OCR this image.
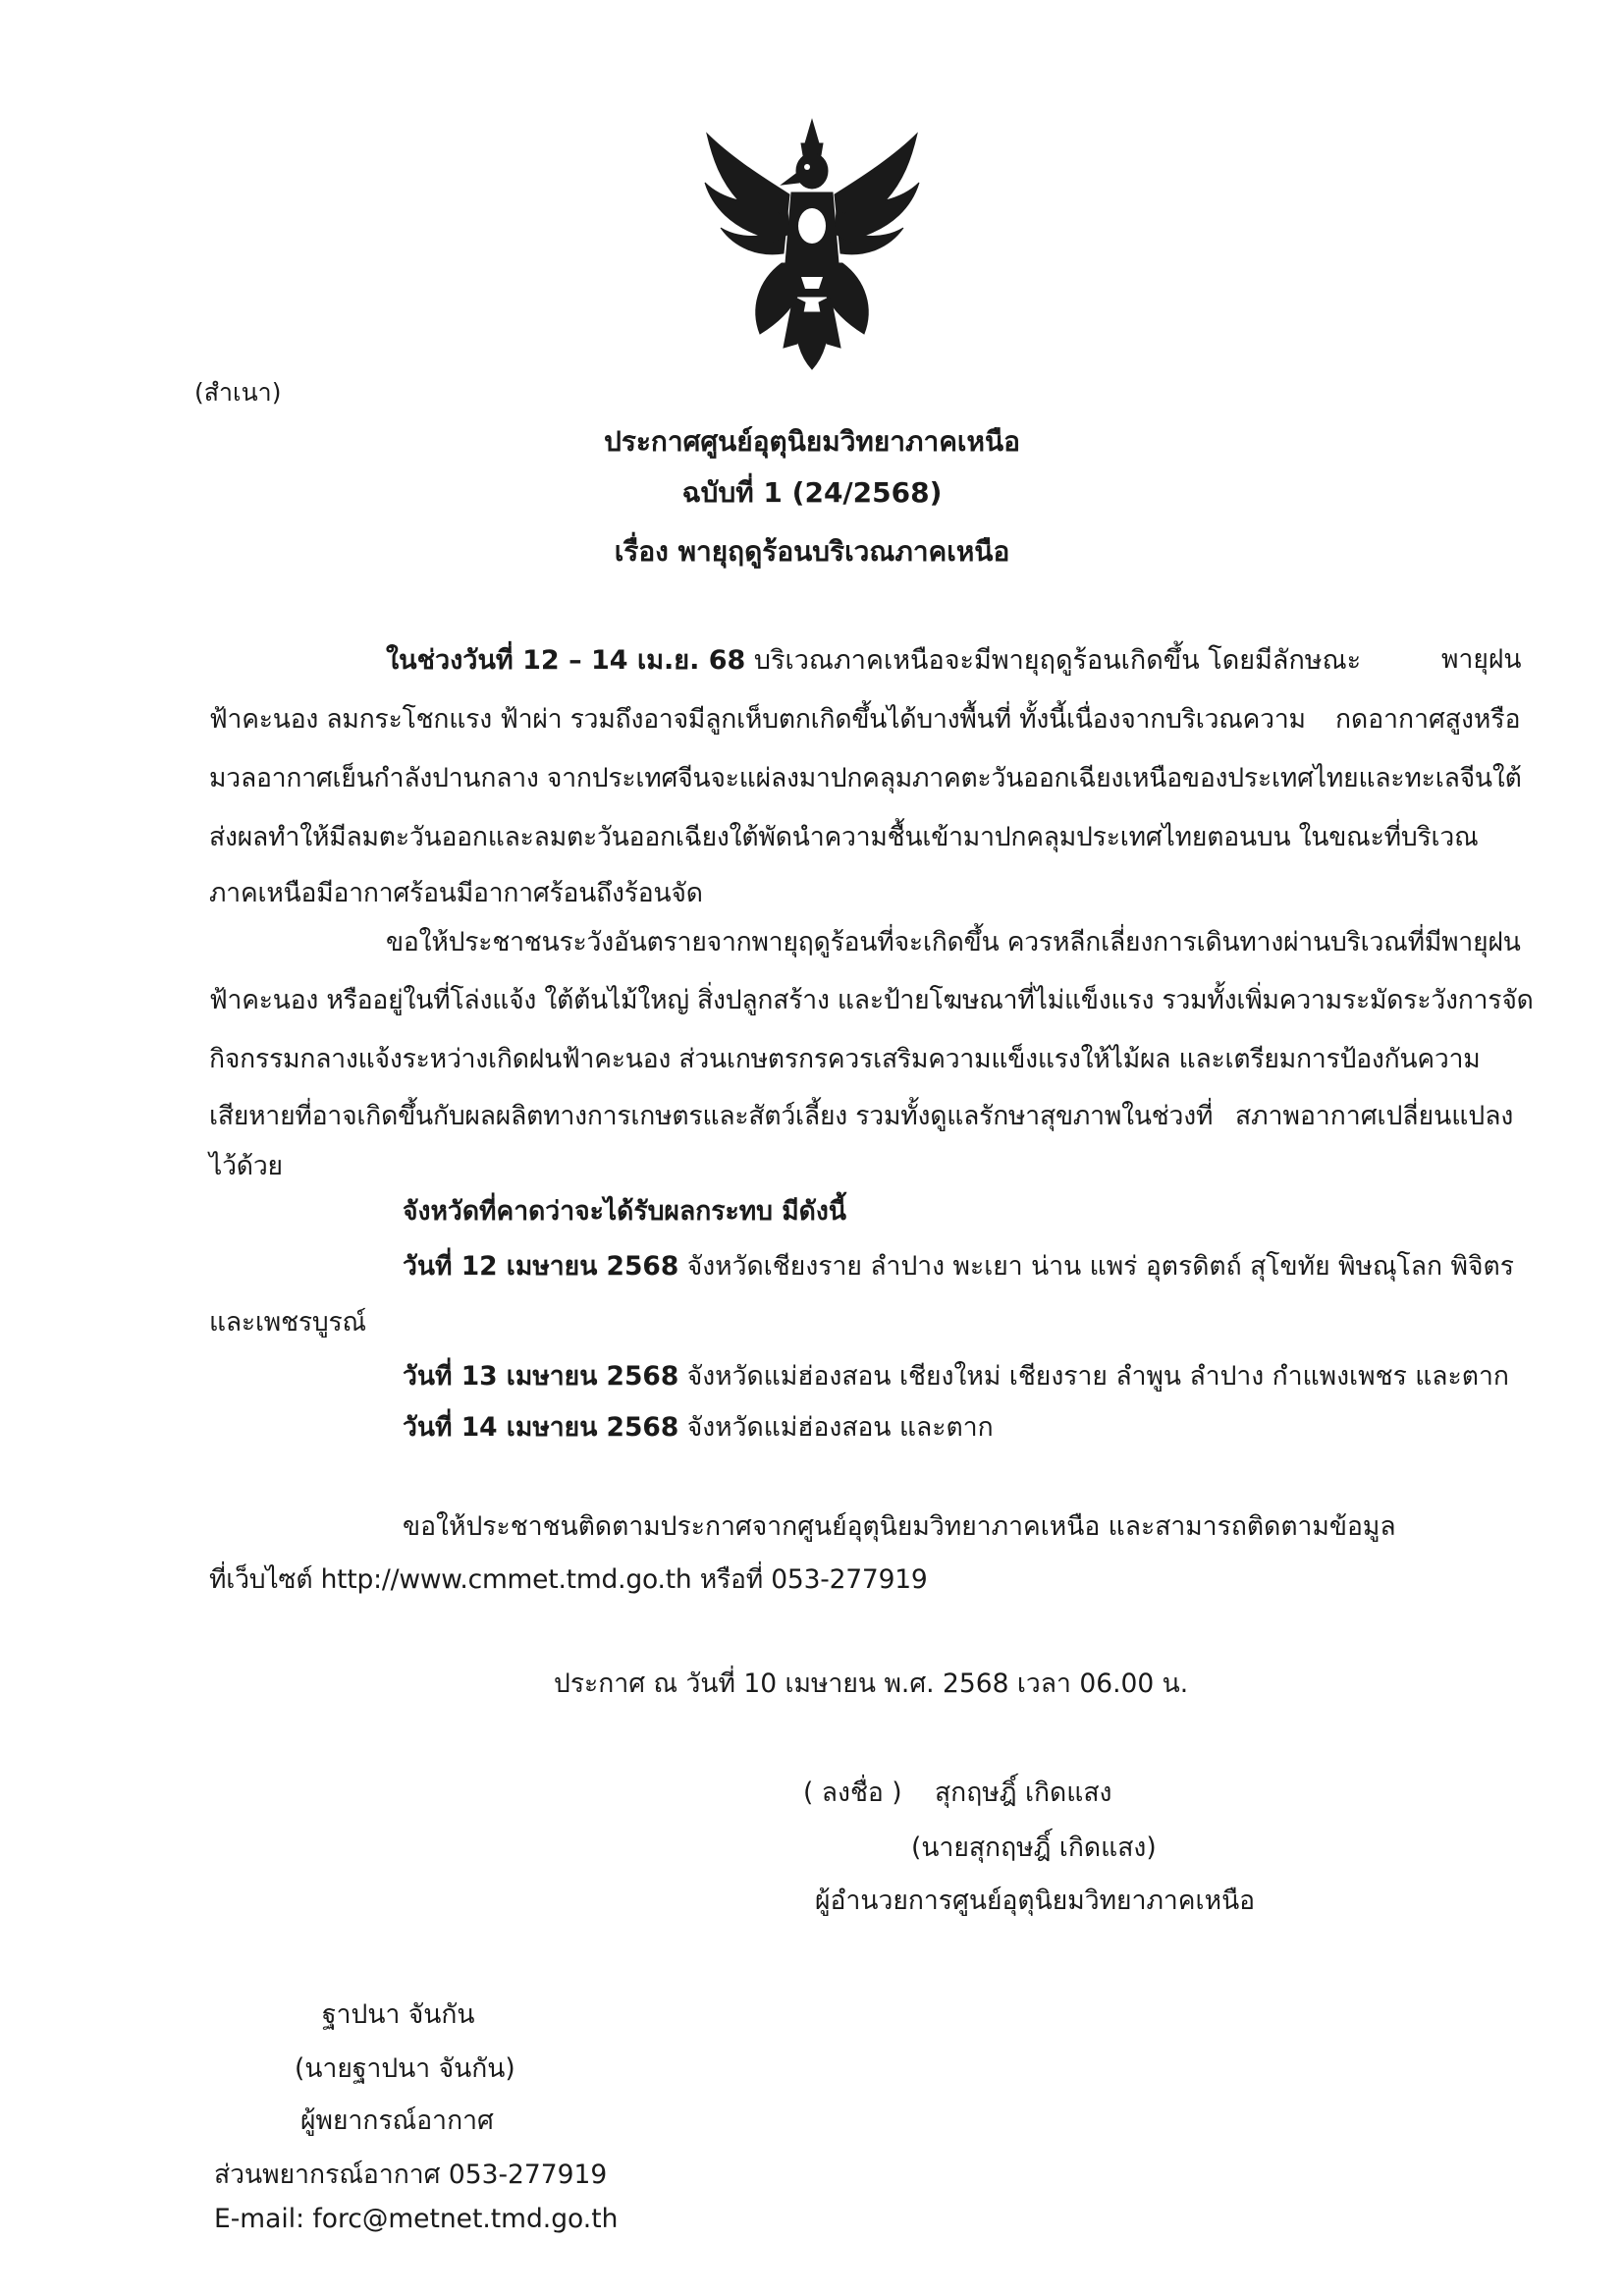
(สำเนา)
ประกาศศูนย์อุตุนิยมวิทยาภาคเหนือ
ฉบับที่ 1 (24/2568)
เรื่อง พายุฤดูร้อนบริเวณภาคเหนือ
ในช่วงวันที่ 12 – 14 เม.ย. 68 บริเวณภาคเหนือจะมีพายุฤดูร้อนเกิดขึ้น โดยมีลักษณะ	พายุฝน
ฟ้าคะนอง ลมกระโชกแรง ฟ้าผ่า รวมถึงอาจมีลูกเห็บตกเกิดขึ้นได้บางพื้นที่ ทั้งนี้เนื่องจากบริเวณความ กดอากาศสูงหรือ
มวลอากาศเย็นกำลังปานกลาง จากประเทศจีนจะแผ่ลงมาปกคลุมภาคตะวันออกเฉียงเหนือของประเทศไทยและทะเลจีนใต้
ส่งผลทำให้มีลมตะวันออกและลมตะวันออกเฉียงใต้พัดนำความชื้นเข้ามาปกคลุมประเทศไทยตอนบน ในขณะที่บริเวณ
ภาคเหนือมีอากาศร้อนมีอากาศร้อนถึงร้อนจัด
ขอให้ประชาชนระวังอันตรายจากพายุฤดูร้อนที่จะเกิดขึ้น ควรหลีกเลี่ยงการเดินทางผ่านบริเวณที่มีพายุฝน
ฟ้าคะนอง หรืออยู่ในที่โล่งแจ้ง ใต้ต้นไม้ใหญ่ สิ่งปลูกสร้าง และป้ายโฆษณาที่ไม่แข็งแรง รวมทั้งเพิ่มความระมัดระวังการจัด
กิจกรรมกลางแจ้งระหว่างเกิดฝนฟ้าคะนอง ส่วนเกษตรกรควรเสริมความแข็งแรงให้ไม้ผล และเตรียมการป้องกันความ
เสียหายที่อาจเกิดขึ้นกับผลผลิตทางการเกษตรและสัตว์เลี้ยง รวมทั้งดูแลรักษาสุขภาพในช่วงที่ สภาพอากาศเปลี่ยนแปลง
ไว้ด้วย
จังหวัดที่คาดว่าจะได้รับผลกระทบ มีดังนี้
วันที่ 12 เมษายน 2568 จังหวัดเชียงราย ลำปาง พะเยา น่าน แพร่ อุตรดิตถ์ สุโขทัย พิษณุโลก พิจิตร
และเพชรบูรณ์
วันที่ 13 เมษายน 2568 จังหวัดแม่ฮ่องสอน เชียงใหม่ เชียงราย ลำพูน ลำปาง กำแพงเพชร และตาก
วันที่ 14 เมษายน 2568 จังหวัดแม่ฮ่องสอน และตาก
ขอให้ประชาชนติดตามประกาศจากศูนย์อุตุนิยมวิทยาภาคเหนือ และสามารถติดตามข้อมูล
ที่เว็บไซต์ http://www.cmmet.tmd.go.th หรือที่ 053-277919
ประกาศ ณ วันที่ 10 เมษายน พ.ศ. 2568 เวลา 06.00 น.
( ลงชื่อ ) สุกฤษฎิ์ เกิดแสง
(นายสุกฤษฎิ์ เกิดแสง)
ผู้อำนวยการศูนย์อุตุนิยมวิทยาภาคเหนือ
ฐาปนา จันกัน
(นายฐาปนา จันกัน)
ผู้พยากรณ์อากาศ
ส่วนพยากรณ์อากาศ 053-277919
E-mail: forc@metnet.tmd.go.th
